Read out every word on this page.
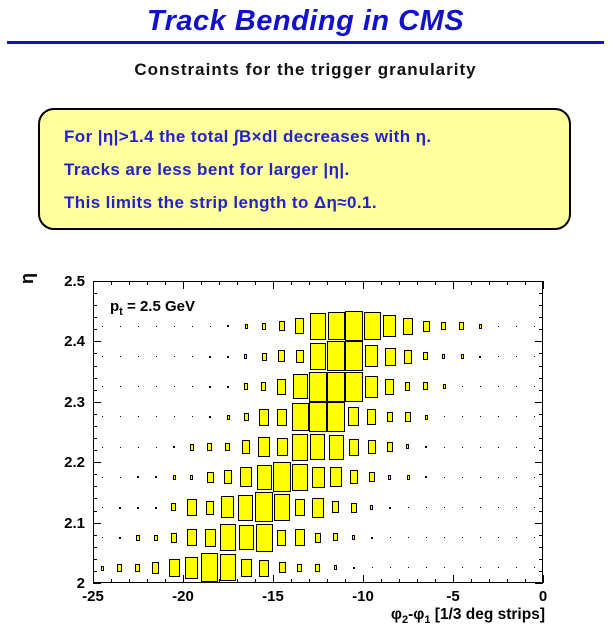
Track Bending in CMS
Constraints for the trigger granularity
For |η|>1.4 the total ∫B×dl decreases with η.
Tracks are less bent for larger |η|.
This limits the strip length to Δη≈0.1.
η
$p_t = 2.5$ GeV
$\varphi_2-\varphi_1$ [1/3 deg strips]
-25	-20	-15	-10	-5	0
2.5
2.4
2.3
2.2
2.1
2
